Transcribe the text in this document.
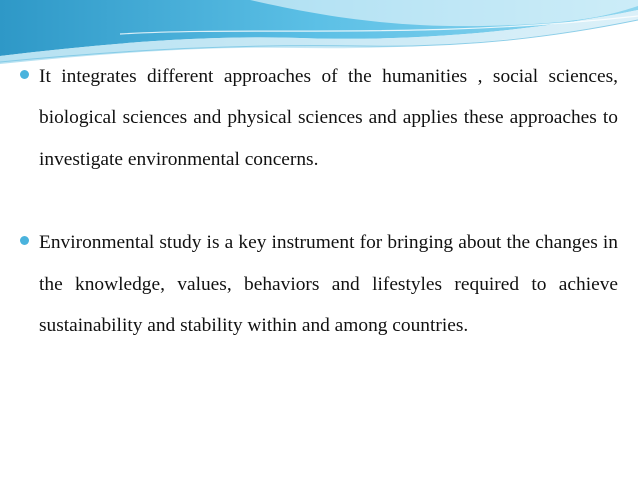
It integrates different approaches of the humanities , social sciences, biological sciences and physical sciences and applies these approaches to investigate environmental concerns.
Environmental study is a key instrument for bringing about the changes in the knowledge, values, behaviors and lifestyles required to achieve sustainability and stability within and among countries.
